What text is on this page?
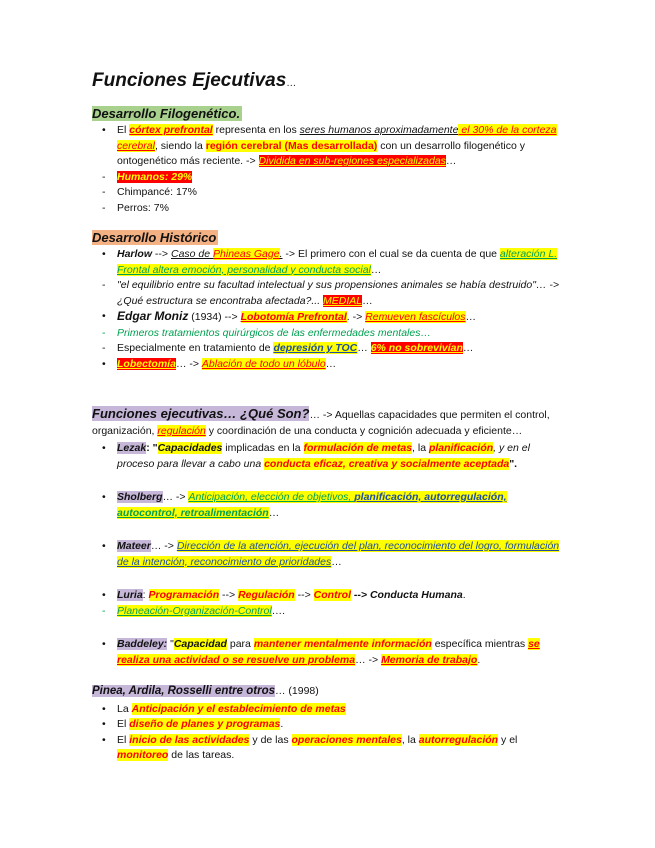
Funciones Ejecutivas…
Desarrollo Filogenético.
• El córtex prefrontal representa en los seres humanos aproximadamente el 30% de la corteza cerebral, siendo la región cerebral (Mas desarrollada) con un desarrollo filogenético y ontogenético más reciente. -> Dividida en sub-regiones especializadas…
- Humanos: 29%
- Chimpancé: 17%
- Perros: 7%
Desarrollo Histórico
• Harlow --> Caso de Phineas Gage. -> El primero con el cual se da cuenta de que alteración L. Frontal altera emoción, personalidad y conducta social…
- "el equilibrio entre su facultad intelectual y sus propensiones animales se había destruido"… -> ¿Qué estructura se encontraba afectada?... MEDIAL…
• Edgar Moniz (1934) --> Lobotomía Prefrontal. -> Remueven fascículos…
- Primeros tratamientos quirúrgicos de las enfermedades mentales…
- Especialmente en tratamiento de depresión y TOC… 6% no sobrevivían…
• Lobectomía… -> Ablación de todo un lóbulo…

Funciones ejecutivas… ¿Qué Son?… -> Aquellas capacidades que permiten el control, organización, regulación y coordinación de una conducta y cognición adecuada y eficiente…

• Lezak: "Capacidades implicadas en la formulación de metas, la planificación, y en el proceso para llevar a cabo una conducta eficaz, creativa y socialmente aceptada".
• Sholberg… -> Anticipación, elección de objetivos, planificación, autorregulación, autocontrol, retroalimentación…
• Mateer… -> Dirección de la atención, ejecución del plan, reconocimiento del logro, formulación de la intención, reconocimiento de prioridades…
• Luria: Programación --> Regulación --> Control --> Conducta Humana.
- Planeación-Organización-Control….
• Baddeley: "Capacidad para mantener mentalmente información específica mientras se realiza una actividad o se resuelve un problema… -> Memoria de trabajo.

Pinea, Ardila, Rosselli entre otros… (1998)

• La Anticipación y el establecimiento de metas
• El diseño de planes y programas.
• El inicio de las actividades y de las operaciones mentales, la autorregulación y el monitoreo de las tareas.
